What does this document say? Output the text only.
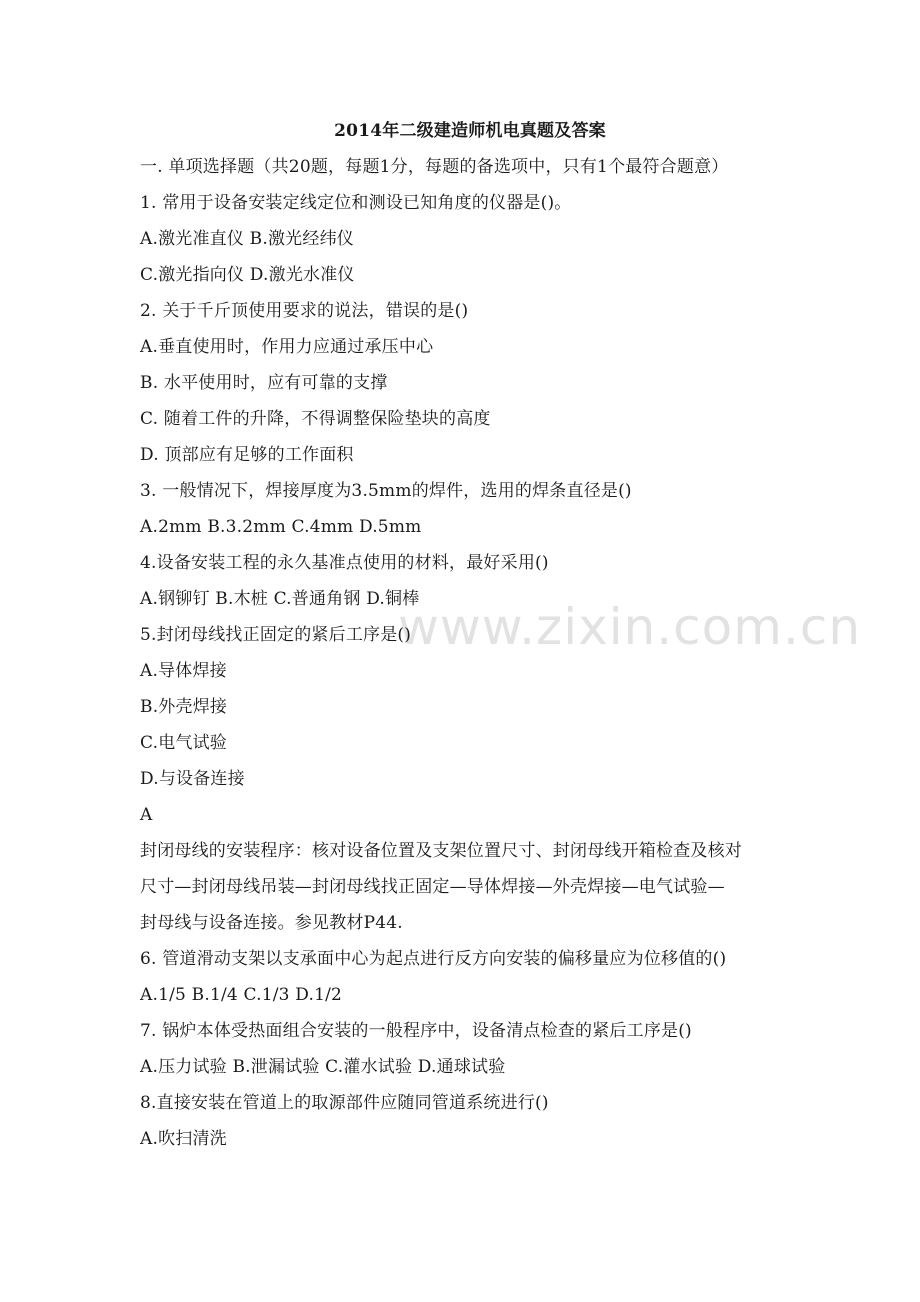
www.zixin.com.cn
2014年二级建造师机电真题及答案
一. 单项选择题（共20题，每题1分，每题的备选项中，只有1个最符合题意）
1. 常用于设备安装定线定位和测设已知角度的仪器是()。
A.激光准直仪 B.激光经纬仪
C.激光指向仪 D.激光水准仪
2. 关于千斤顶使用要求的说法，错误的是()
A.垂直使用时，作用力应通过承压中心
B. 水平使用时，应有可靠的支撑
C. 随着工件的升降，不得调整保险垫块的高度
D. 顶部应有足够的工作面积
3. 一般情况下，焊接厚度为3.5mm的焊件，选用的焊条直径是()
A.2mm B.3.2mm C.4mm D.5mm
4.设备安装工程的永久基准点使用的材料，最好采用()
A.钢铆钉 B.木桩 C.普通角钢 D.铜棒
5.封闭母线找正固定的紧后工序是()
A.导体焊接
B.外壳焊接
C.电气试验
D.与设备连接
A
封闭母线的安装程序：核对设备位置及支架位置尺寸、封闭母线开箱检查及核对
尺寸—封闭母线吊装—封闭母线找正固定—导体焊接—外壳焊接—电气试验—
封母线与设备连接。参见教材P44.
6. 管道滑动支架以支承面中心为起点进行反方向安装的偏移量应为位移值的()
A.1/5 B.1/4 C.1/3 D.1/2
7. 锅炉本体受热面组合安装的一般程序中，设备清点检查的紧后工序是()
A.压力试验 B.泄漏试验 C.灌水试验 D.通球试验
8.直接安装在管道上的取源部件应随同管道系统进行()
A.吹扫清洗
